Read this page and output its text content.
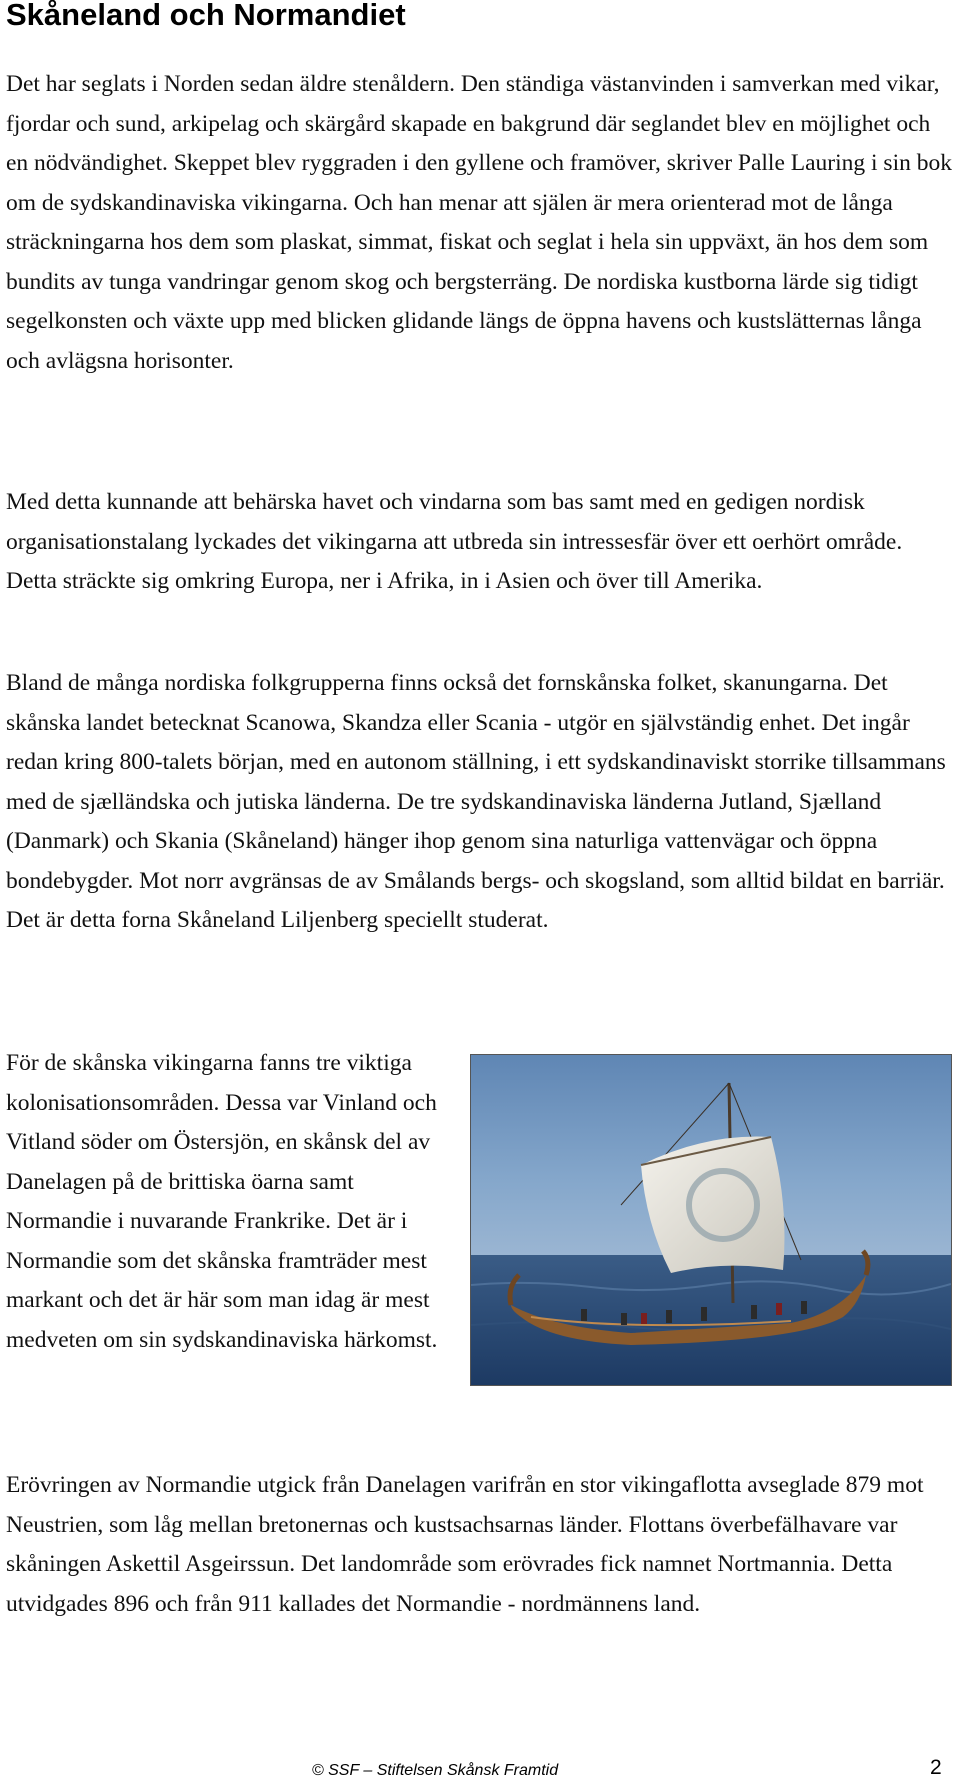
Skåneland och Normandiet

Det har seglats i Norden sedan äldre stenåldern. Den ständiga västanvinden i samverkan med vikar, fjordar och sund, arkipelag och skärgård skapade en bakgrund där seglandet blev en möjlighet och en nödvändighet. Skeppet blev ryggraden i den gyllene och framöver, skriver Palle Lauring i sin bok om de sydskandinaviska vikingarna. Och han menar att själen är mera orienterad mot de långa sträckningarna hos dem som plaskat, simmat, fiskat och seglat i hela sin uppväxt, än hos dem som bundits av tunga vandringar genom skog och bergsterräng. De nordiska kustborna lärde sig tidigt segelkonsten och växte upp med blicken glidande längs de öppna havens och kustslätternas långa och avlägsna horisonter.

Med detta kunnande att behärska havet och vindarna som bas samt med en gedigen nordisk organisationstalang lyckades det vikingarna att utbreda sin intressesfär över ett oerhört område. Detta sträckte sig omkring Europa, ner i Afrika, in i Asien och över till Amerika.

Bland de många nordiska folkgrupperna finns också det fornskånska folket, skanungarna. Det skånska landet betecknat Scanowa, Skandza eller Scania - utgör en självständig enhet. Det ingår redan kring 800-talets början, med en autonom ställning, i ett sydskandinaviskt storrike tillsammans med de sjælländska och jutiska länderna. De tre sydskandinaviska länderna Jutland, Sjælland (Danmark) och Skania (Skåneland) hänger ihop genom sina naturliga vattenvägar och öppna bondebygder. Mot norr avgränsas de av Smålands bergs- och skogsland, som alltid bildat en barriär. Det är detta forna Skåneland Liljenberg speciellt studerat.

För de skånska vikingarna fanns tre viktiga kolonisationsområden. Dessa var Vinland och Vitland söder om Östersjön, en skånsk del av Danelagen på de brittiska öarna samt Normandie i nuvarande Frankrike. Det är i Normandie som det skånska framträder mest markant och det är här som man idag är mest medveten om sin sydskandinaviska härkomst.

Erövringen av Normandie utgick från Danelagen varifrån en stor vikingaflotta avseglade 879 mot Neustrien, som låg mellan bretonernas och kustsachsarnas länder. Flottans överbefälhavare var skåningen Askettil Asgeirssun. Det landområde som erövrades fick namnet Nortmannia. Detta utvidgades 896 och från 911 kallades det Normandie - nordmännens land.

© SSF – Stiftelsen Skånsk Framtid	2
